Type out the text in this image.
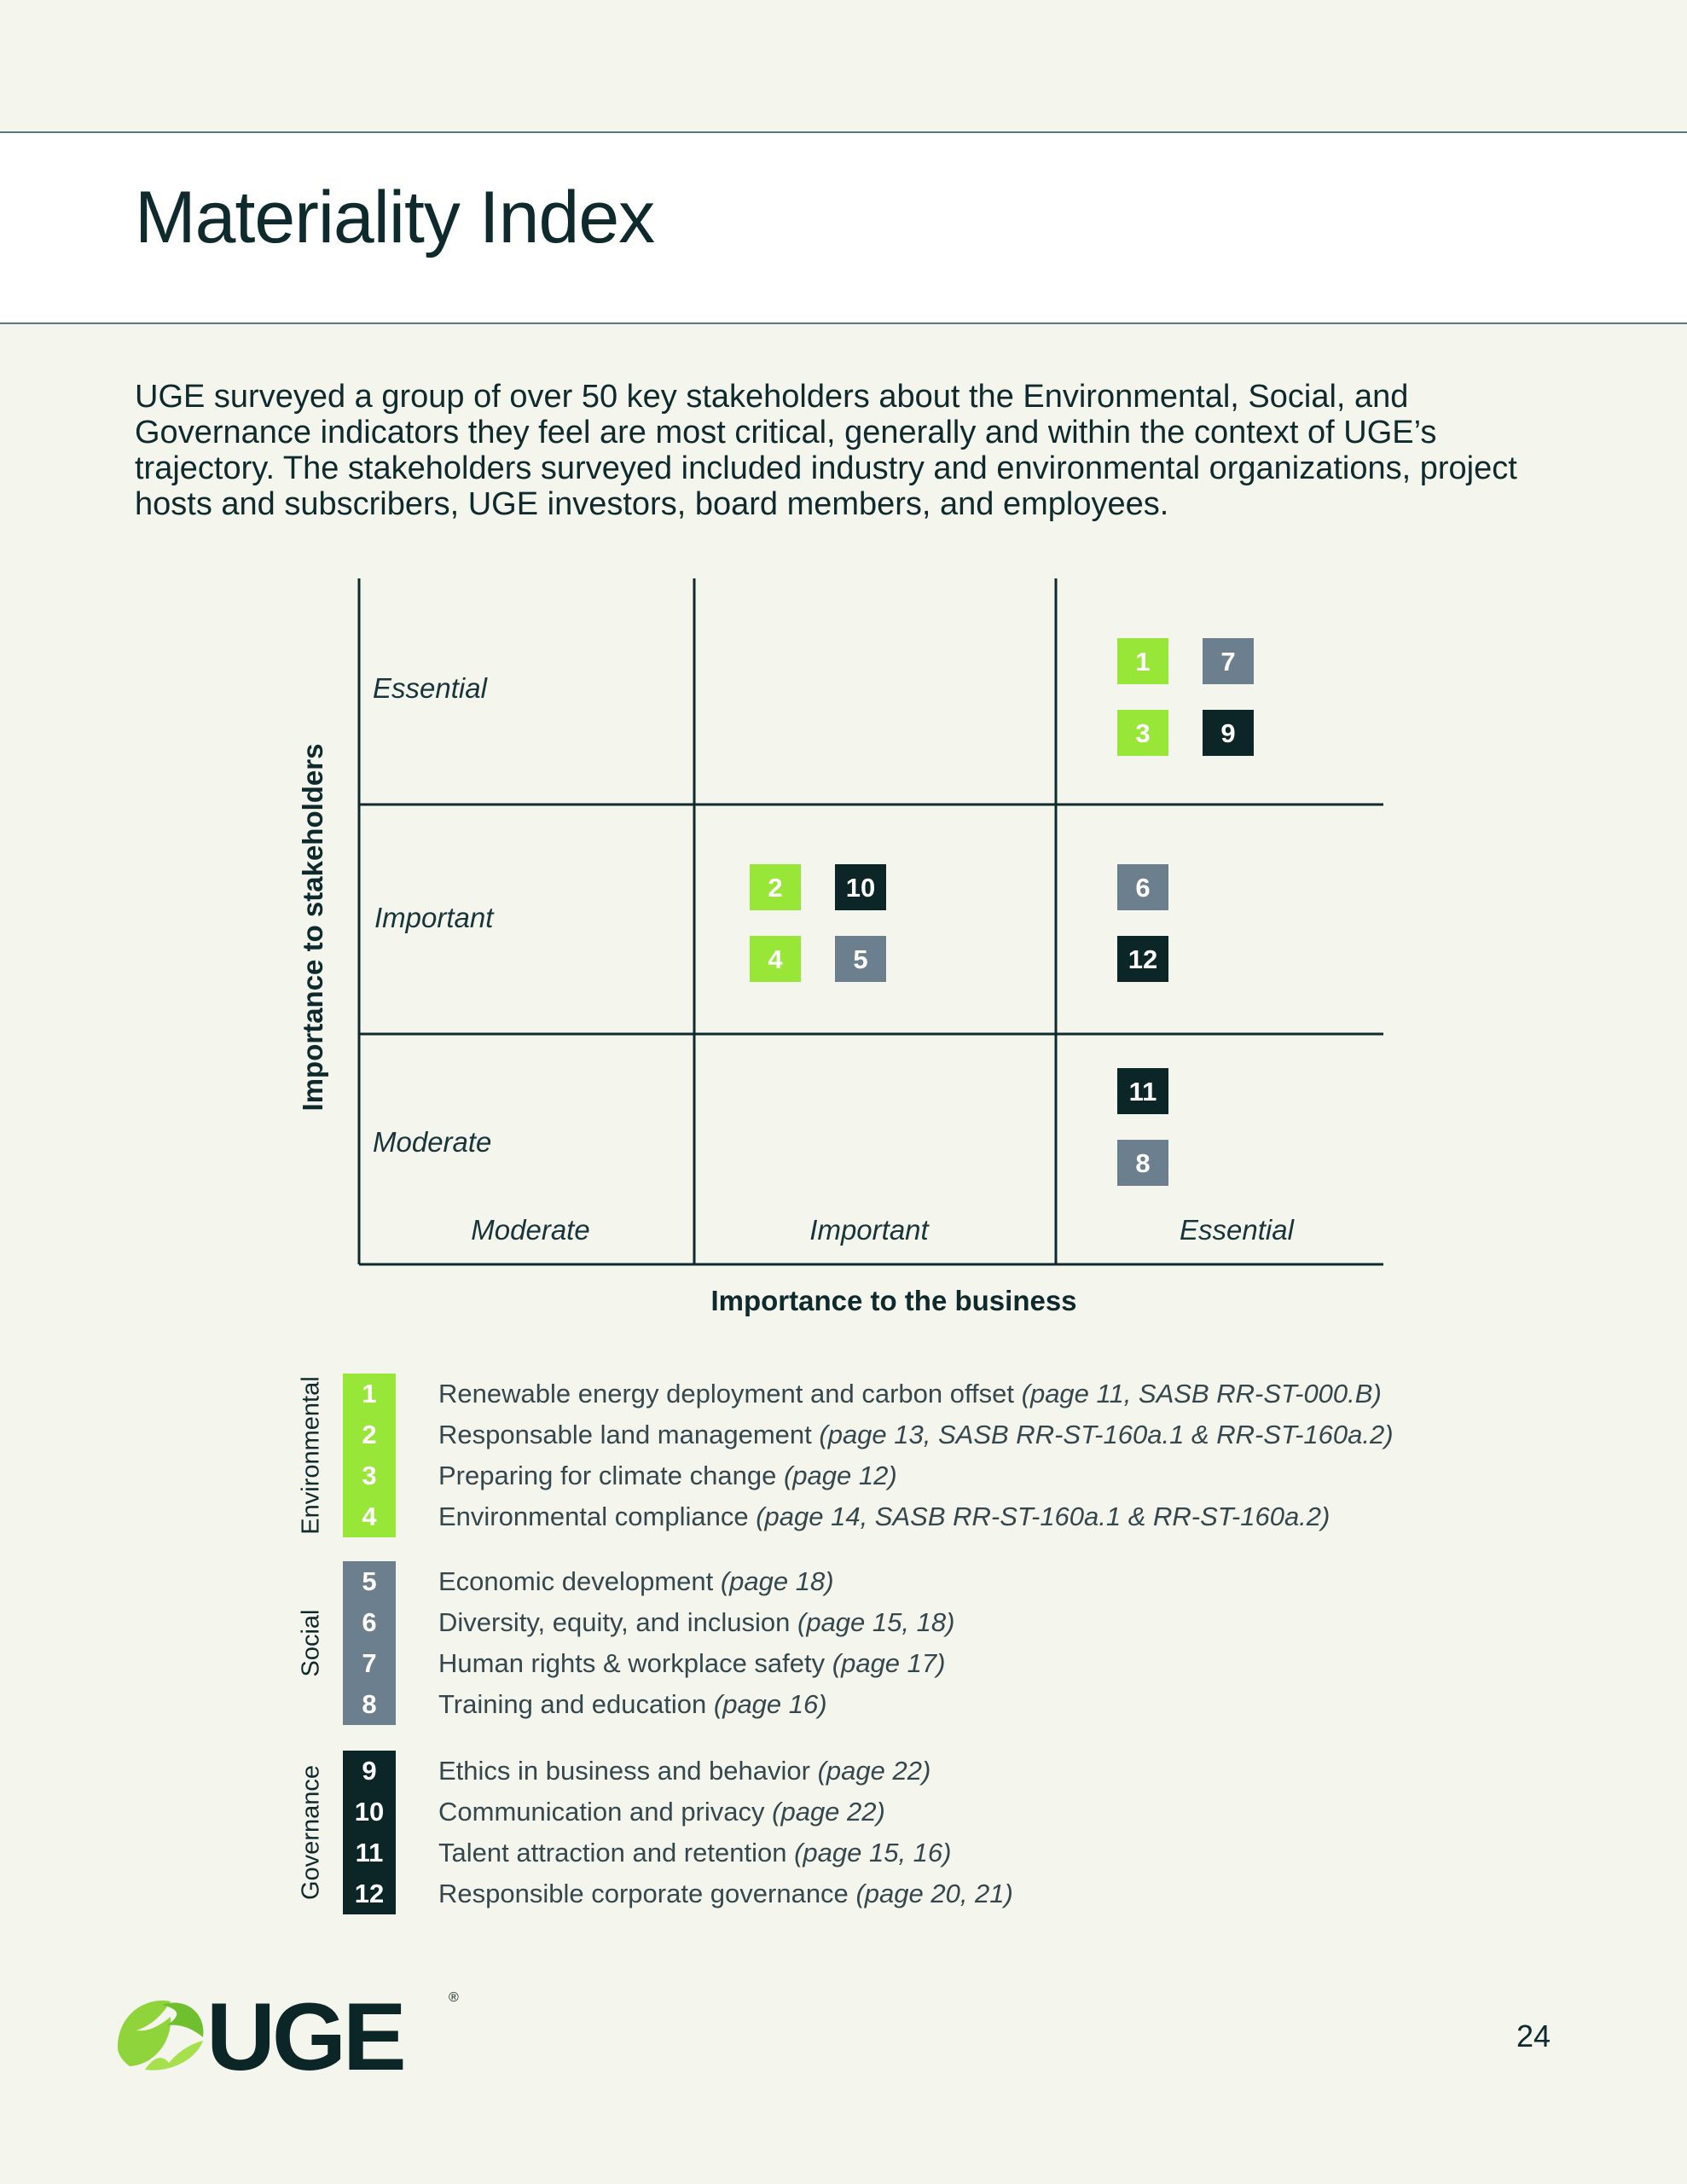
Materiality Index

UGE surveyed a group of over 50 key stakeholders about the Environmental, Social, and Governance indicators they feel are most critical, generally and within the context of UGE’s trajectory. The stakeholders surveyed included industry and environmental organizations, project hosts and subscribers, UGE investors, board members, and employees.

Essential
Important
Moderate
Moderate	Important	Essential
Importance to the business
Importance to stakeholders
1	7
3	9
2 10
4	5
6
12
11
8
Environmental	1	Renewable energy deployment and carbon offset (page 11, SASB RR-ST-000.B)
2	Responsable land management (page 13, SASB RR-ST-160a.1 & RR-ST-160a.2)
3	Preparing for climate change (page 12)
4	Environmental compliance (page 14, SASB RR-ST-160a.1 & RR-ST-160a.2)
Social
5	Economic development (page 18)
6	Diversity, equity, and inclusion (page 15, 18)
7	Human rights & workplace safety (page 17)
8	Training and education (page 16)
Governance	9	Ethics in business and behavior (page 22)
10	Communication and privacy (page 22)
11	Talent attraction and retention (page 15, 16)
12	Responsible corporate governance (page 20, 21)
UGE	®
24
